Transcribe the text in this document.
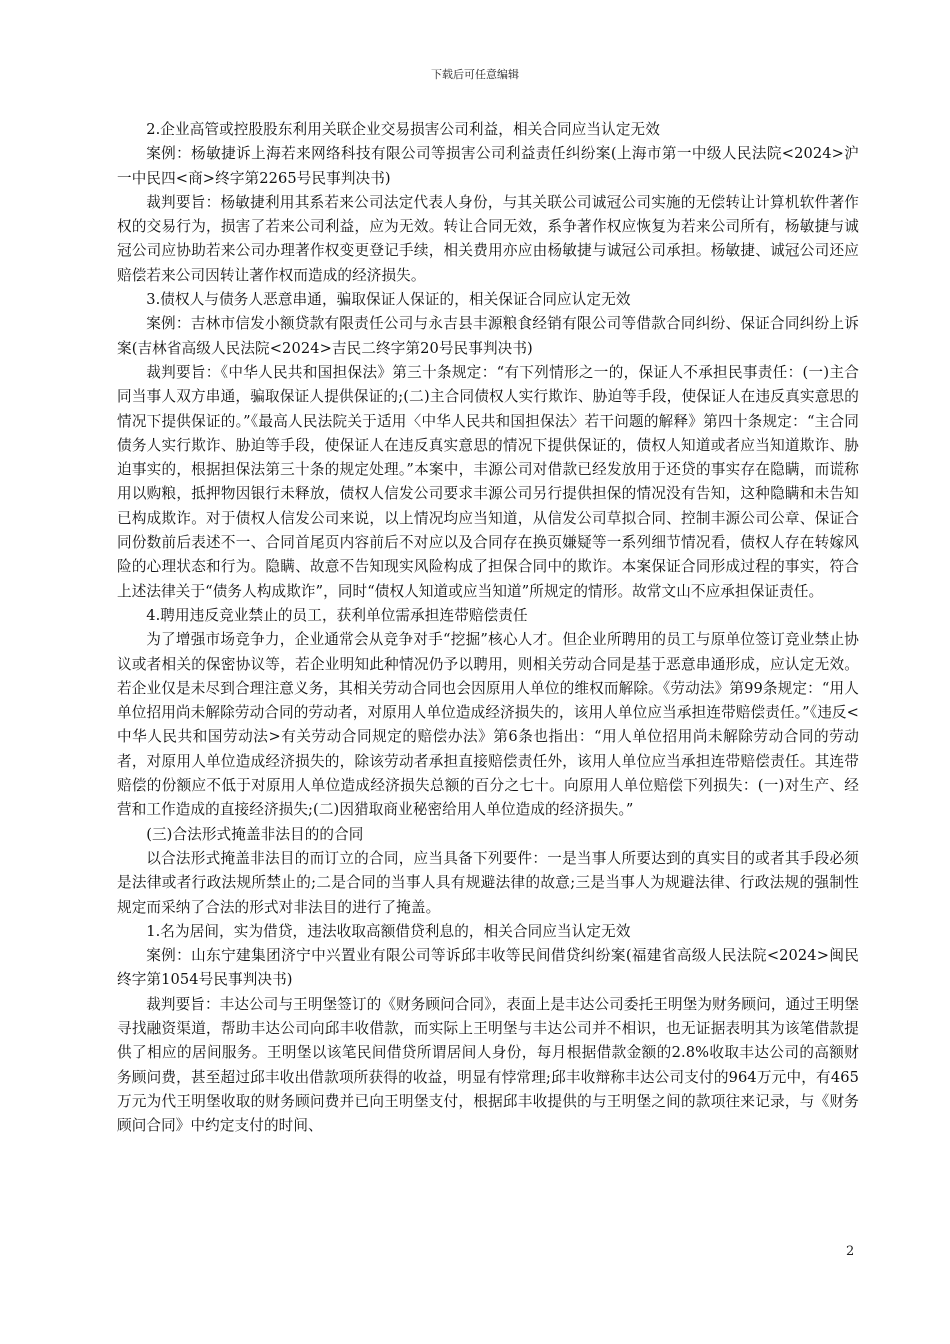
下载后可任意编辑

2.企业高管或控股股东利用关联企业交易损害公司利益，相关合同应当认定无效

案例：杨敏捷诉上海若来网络科技有限公司等损害公司利益责任纠纷案(上海市第一中级人民法院<2024>沪一中民四<商>终字第2265号民事判决书)

裁判要旨：杨敏捷利用其系若来公司法定代表人身份，与其关联公司诚冠公司实施的无偿转让计算机软件著作权的交易行为，损害了若来公司利益，应为无效。转让合同无效，系争著作权应恢复为若来公司所有，杨敏捷与诚冠公司应协助若来公司办理著作权变更登记手续，相关费用亦应由杨敏捷与诚冠公司承担。杨敏捷、诚冠公司还应赔偿若来公司因转让著作权而造成的经济损失。

3.债权人与债务人恶意串通，骗取保证人保证的，相关保证合同应认定无效

案例：吉林市信发小额贷款有限责任公司与永吉县丰源粮食经销有限公司等借款合同纠纷、保证合同纠纷上诉案(吉林省高级人民法院<2024>吉民二终字第20号民事判决书)

裁判要旨：《中华人民共和国担保法》第三十条规定：“有下列情形之一的，保证人不承担民事责任：(一)主合同当事人双方串通，骗取保证人提供保证的;(二)主合同债权人实行欺诈、胁迫等手段，使保证人在违反真实意思的情况下提供保证的。”《最高人民法院关于适用〈中华人民共和国担保法〉若干问题的解释》第四十条规定：“主合同债务人实行欺诈、胁迫等手段，使保证人在违反真实意思的情况下提供保证的，债权人知道或者应当知道欺诈、胁迫事实的，根据担保法第三十条的规定处理。”本案中，丰源公司对借款已经发放用于还贷的事实存在隐瞒，而谎称用以购粮，抵押物因银行未释放，债权人信发公司要求丰源公司另行提供担保的情况没有告知，这种隐瞒和未告知已构成欺诈。对于债权人信发公司来说，以上情况均应当知道，从信发公司草拟合同、控制丰源公司公章、保证合同份数前后表述不一、合同首尾页内容前后不对应以及合同存在换页嫌疑等一系列细节情况看，债权人存在转嫁风险的心理状态和行为。隐瞒、故意不告知现实风险构成了担保合同中的欺诈。本案保证合同形成过程的事实，符合上述法律关于“债务人构成欺诈”，同时“债权人知道或应当知道”所规定的情形。故常文山不应承担保证责任。

4.聘用违反竞业禁止的员工，获利单位需承担连带赔偿责任

为了增强市场竞争力，企业通常会从竞争对手“挖掘”核心人才。但企业所聘用的员工与原单位签订竞业禁止协议或者相关的保密协议等，若企业明知此种情况仍予以聘用，则相关劳动合同是基于恶意串通形成，应认定无效。若企业仅是未尽到合理注意义务，其相关劳动合同也会因原用人单位的维权而解除。《劳动法》第99条规定：“用人单位招用尚未解除劳动合同的劳动者，对原用人单位造成经济损失的，该用人单位应当承担连带赔偿责任。”《违反<中华人民共和国劳动法>有关劳动合同规定的赔偿办法》第6条也指出：“用人单位招用尚未解除劳动合同的劳动者，对原用人单位造成经济损失的，除该劳动者承担直接赔偿责任外，该用人单位应当承担连带赔偿责任。其连带赔偿的份额应不低于对原用人单位造成经济损失总额的百分之七十。向原用人单位赔偿下列损失：(一)对生产、经营和工作造成的直接经济损失;(二)因猎取商业秘密给用人单位造成的经济损失。”

(三)合法形式掩盖非法目的的合同

以合法形式掩盖非法目的而订立的合同，应当具备下列要件：一是当事人所要达到的真实目的或者其手段必须是法律或者行政法规所禁止的;二是合同的当事人具有规避法律的故意;三是当事人为规避法律、行政法规的强制性规定而采纳了合法的形式对非法目的进行了掩盖。

1.名为居间，实为借贷，违法收取高额借贷利息的，相关合同应当认定无效

案例：山东宁建集团济宁中兴置业有限公司等诉邱丰收等民间借贷纠纷案(福建省高级人民法院<2024>闽民终字第1054号民事判决书)

裁判要旨：丰达公司与王明堡签订的《财务顾问合同》，表面上是丰达公司委托王明堡为财务顾问，通过王明堡寻找融资渠道，帮助丰达公司向邱丰收借款，而实际上王明堡与丰达公司并不相识，也无证据表明其为该笔借款提供了相应的居间服务。王明堡以该笔民间借贷所谓居间人身份，每月根据借款金额的2.8%收取丰达公司的高额财务顾问费，甚至超过邱丰收出借款项所获得的收益，明显有悖常理;邱丰收辩称丰达公司支付的964万元中，有465万元为代王明堡收取的财务顾问费并已向王明堡支付，根据邱丰收提供的与王明堡之间的款项往来记录，与《财务顾问合同》中约定支付的时间、

2
